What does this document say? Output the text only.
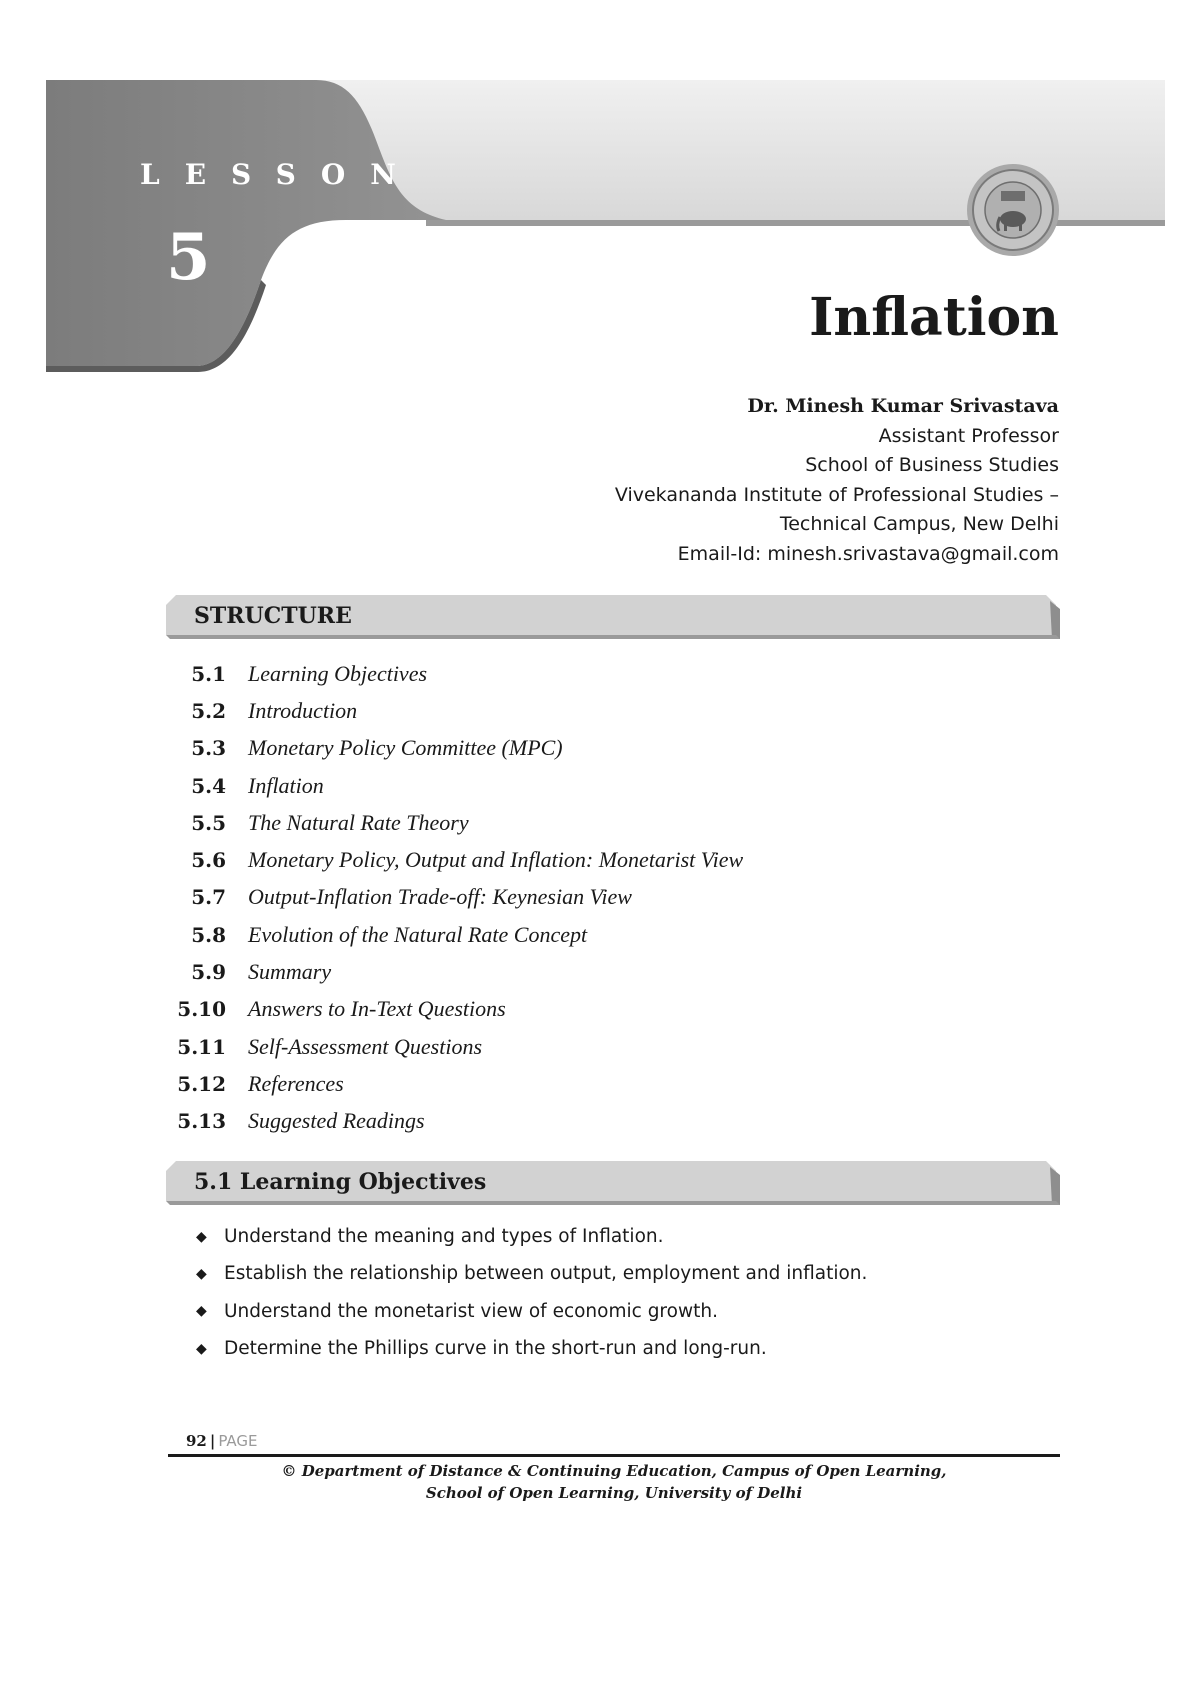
LESSON
5
Inflation
Dr. Minesh Kumar Srivastava
Assistant Professor
School of Business Studies
Vivekananda Institute of Professional Studies –
Technical Campus, New Delhi
Email-Id: minesh.srivastava@gmail.com
STRUCTURE
5.1 Learning Objectives
5.2 Introduction
5.3 Monetary Policy Committee (MPC)
5.4 Inflation
5.5 The Natural Rate Theory
5.6 Monetary Policy, Output and Inflation: Monetarist View
5.7 Output-Inflation Trade-off: Keynesian View
5.8 Evolution of the Natural Rate Concept
5.9 Summary
5.10 Answers to In-Text Questions
5.11 Self-Assessment Questions
5.12 References
5.13 Suggested Readings
5.1 Learning Objectives
◆ Understand the meaning and types of Inflation.
◆ Establish the relationship between output, employment and inflation.
◆ Understand the monetarist view of economic growth.
◆ Determine the Phillips curve in the short-run and long-run.
92 | PAGE
© Department of Distance & Continuing Education, Campus of Open Learning,
School of Open Learning, University of Delhi
